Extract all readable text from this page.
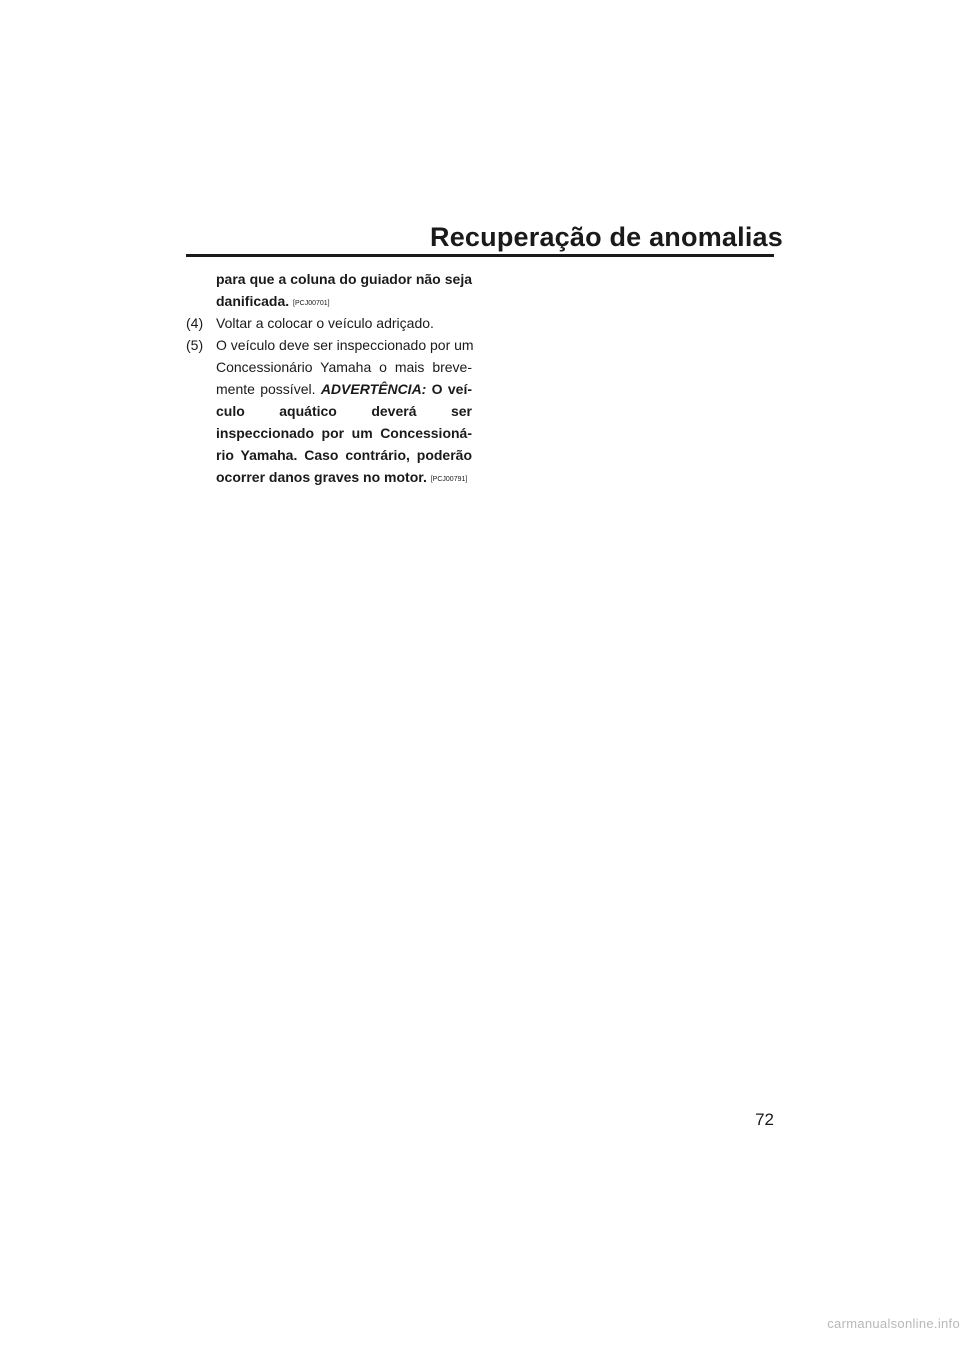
Recuperação de anomalias
para que a coluna do guiador não seja
danificada. [PCJ00701]
(4) Voltar a colocar o veículo adriçado.
(5) O veículo deve ser inspeccionado por um
Concessionário Yamaha o mais breve-
mente possível. ADVERTÊNCIA: O veí-
culo aquático deverá ser
inspeccionado por um Concessioná-
rio Yamaha. Caso contrário, poderão
ocorrer danos graves no motor. [PCJ00791]
72
carmanualsonline.info
